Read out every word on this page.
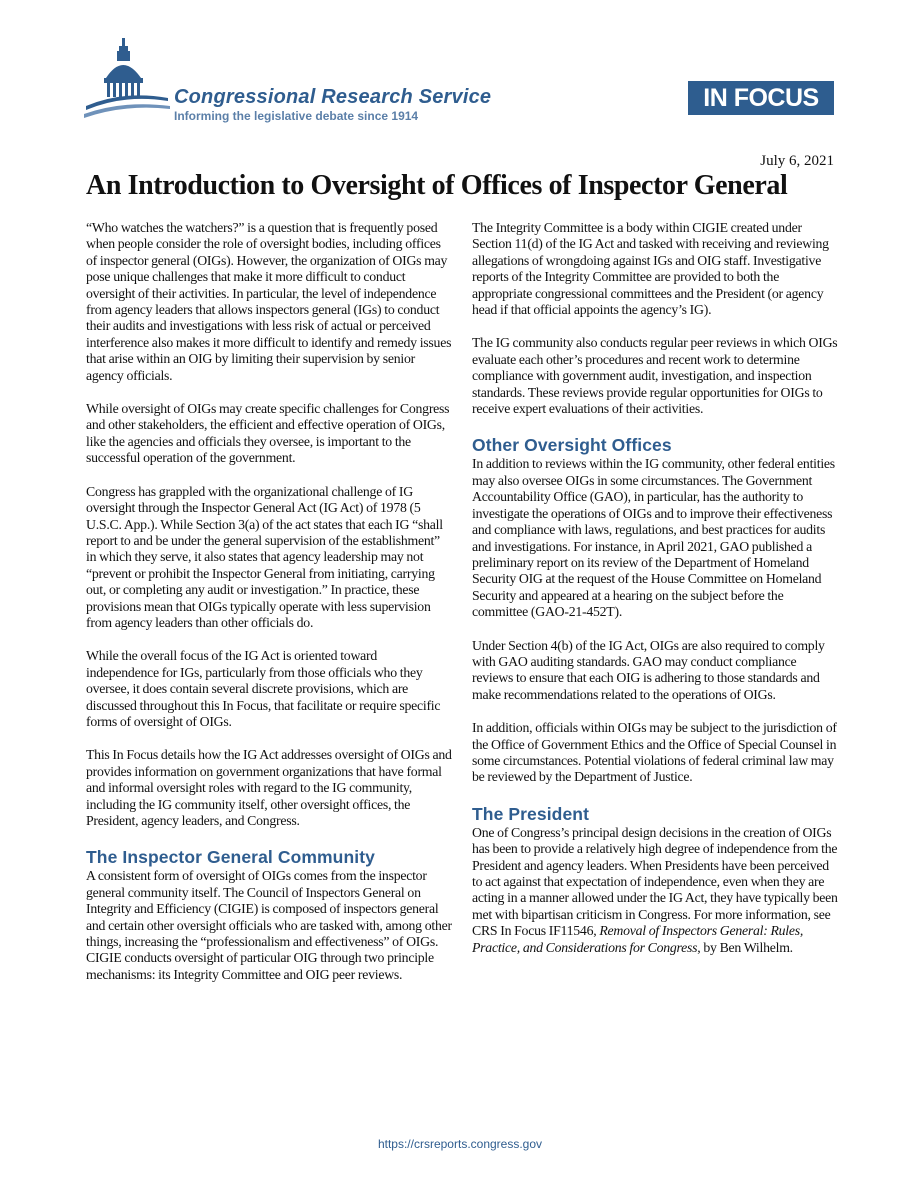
Congressional Research Service
Informing the legislative debate since 1914
IN FOCUS
July 6, 2021
An Introduction to Oversight of Offices of Inspector General

“Who watches the watchers?” is a question that is frequently posed when people consider the role of oversight bodies, including offices of inspector general (OIGs). However, the organization of OIGs may pose unique challenges that make it more difficult to conduct oversight of their activities. In particular, the level of independence from agency leaders that allows inspectors general (IGs) to conduct their audits and investigations with less risk of actual or perceived interference also makes it more difficult to identify and remedy issues that arise within an OIG by limiting their supervision by senior agency officials.

While oversight of OIGs may create specific challenges for Congress and other stakeholders, the efficient and effective operation of OIGs, like the agencies and officials they oversee, is important to the successful operation of the government.

Congress has grappled with the organizational challenge of IG oversight through the Inspector General Act (IG Act) of 1978 (5 U.S.C. App.). While Section 3(a) of the act states that each IG “shall report to and be under the general supervision of the establishment” in which they serve, it also states that agency leadership may not “prevent or prohibit the Inspector General from initiating, carrying out, or completing any audit or investigation.” In practice, these provisions mean that OIGs typically operate with less supervision from agency leaders than other officials do.

While the overall focus of the IG Act is oriented toward independence for IGs, particularly from those officials who they oversee, it does contain several discrete provisions, which are discussed throughout this In Focus, that facilitate or require specific forms of oversight of OIGs.

This In Focus details how the IG Act addresses oversight of OIGs and provides information on government organizations that have formal and informal oversight roles with regard to the IG community, including the IG community itself, other oversight offices, the President, agency leaders, and Congress.

The Inspector General Community

A consistent form of oversight of OIGs comes from the inspector general community itself. The Council of Inspectors General on Integrity and Efficiency (CIGIE) is composed of inspectors general and certain other oversight officials who are tasked with, among other things, increasing the “professionalism and effectiveness” of OIGs. CIGIE conducts oversight of particular OIG through two principle mechanisms: its Integrity Committee and OIG peer reviews.

The Integrity Committee is a body within CIGIE created under Section 11(d) of the IG Act and tasked with receiving and reviewing allegations of wrongdoing against IGs and OIG staff. Investigative reports of the Integrity Committee are provided to both the appropriate congressional committees and the President (or agency head if that official appoints the agency’s IG).

The IG community also conducts regular peer reviews in which OIGs evaluate each other’s procedures and recent work to determine compliance with government audit, investigation, and inspection standards. These reviews provide regular opportunities for OIGs to receive expert evaluations of their activities.

Other Oversight Offices

In addition to reviews within the IG community, other federal entities may also oversee OIGs in some circumstances. The Government Accountability Office (GAO), in particular, has the authority to investigate the operations of OIGs and to improve their effectiveness and compliance with laws, regulations, and best practices for audits and investigations. For instance, in April 2021, GAO published a preliminary report on its review of the Department of Homeland Security OIG at the request of the House Committee on Homeland Security and appeared at a hearing on the subject before the committee (GAO-21-452T).

Under Section 4(b) of the IG Act, OIGs are also required to comply with GAO auditing standards. GAO may conduct compliance reviews to ensure that each OIG is adhering to those standards and make recommendations related to the operations of OIGs.

In addition, officials within OIGs may be subject to the jurisdiction of the Office of Government Ethics and the Office of Special Counsel in some circumstances. Potential violations of federal criminal law may be reviewed by the Department of Justice.

The President

One of Congress’s principal design decisions in the creation of OIGs has been to provide a relatively high degree of independence from the President and agency leaders. When Presidents have been perceived to act against that expectation of independence, even when they are acting in a manner allowed under the IG Act, they have typically been met with bipartisan criticism in Congress. For more information, see CRS In Focus IF11546, Removal of Inspectors General: Rules, Practice, and Considerations for Congress, by Ben Wilhelm.

https://crsreports.congress.gov
